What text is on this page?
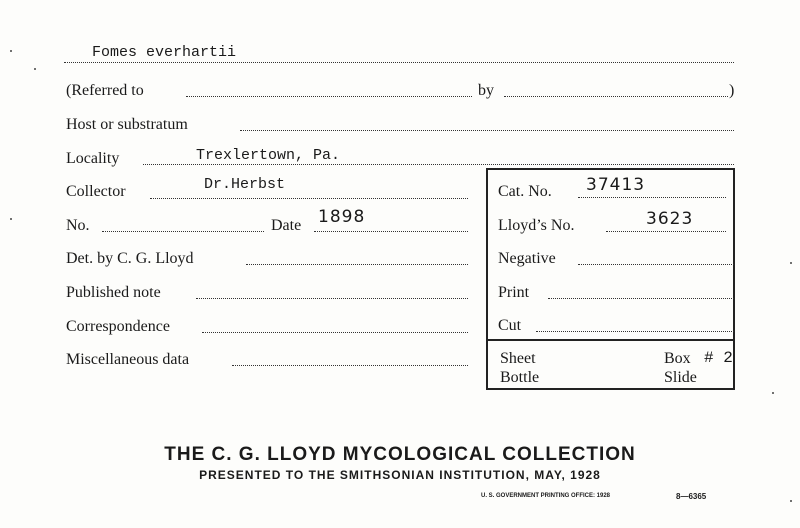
Fomes everhartii
(Referred to	by	)
Host or substratum
Locality	Trexlertown, Pa.
Collector	Dr.Herbst
No.	Date 1898
Det. by C. G. Lloyd
Published note
Correspondence
Miscellaneous data
Cat. No. 37413
Lloyd’s No.	3623
Negative
Print
Cut
Sheet	Box # 2
Bottle	Slide
THE C. G. LLOYD MYCOLOGICAL COLLECTION
PRESENTED TO THE SMITHSONIAN INSTITUTION, MAY, 1928
U. S. GOVERNMENT PRINTING OFFICE: 1928	8—6365
